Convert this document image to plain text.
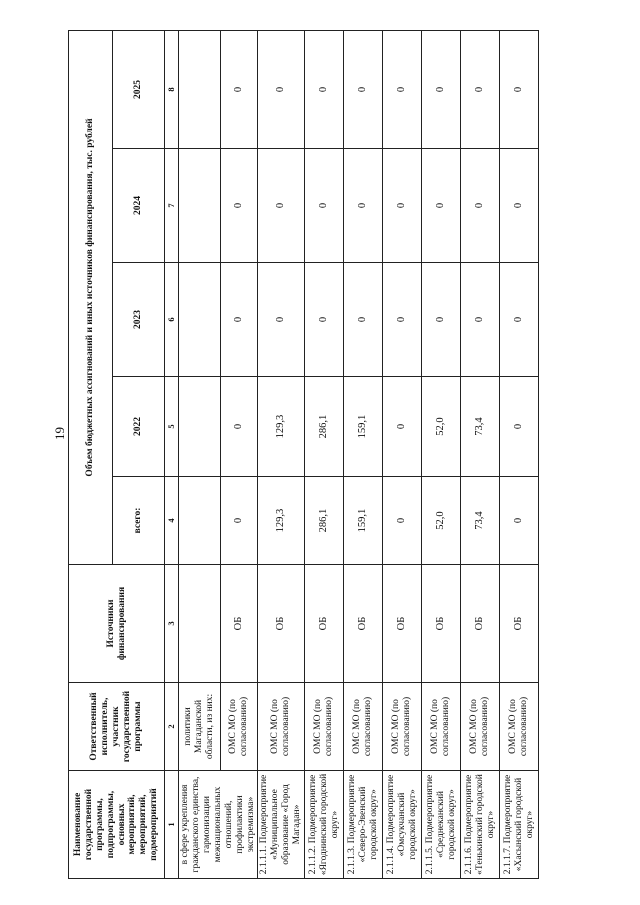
19
Наименование государственной программы, подпрограммы, основных мероприятий, мероприятий, подмероприятий	Ответственный исполнитель, участник государственной программы	Источники финансирования	Объем бюджетных ассигнований и иных источников финансирования, тыс. рублей				
			всего:	2022	2023	2024	2025
1	2	3	4	5	6	7	8
в сфере укрепления гражданского единства, гармонизации межнациональных отношений, профилактики экстремизма»	политики Магаданской области, из них:						
	ОМС МО (по согласованию)	ОБ	0	0	0	0	0
2.1.1.1. Подмероприятие «Муниципальное образование «Город Магадан»	ОМС МО (по согласованию)	ОБ	129,3	129,3	0	0	0
2.1.1.2. Подмероприятие «Ягоднинский городской округ»	ОМС МО (по согласованию)	ОБ	286,1	286,1	0	0	0
2.1.1.3. Подмероприятие «Северо-Эвенский городской округ»	ОМС МО (по согласованию)	ОБ	159,1	159,1	0	0	0
2.1.1.4. Подмероприятие «Омсукчанский городской округ»	ОМС МО (по согласованию)	ОБ	0	0	0	0	0
2.1.1.5. Подмероприятие «Среднеканский городской округ»	ОМС МО (по согласованию)	ОБ	52,0	52,0	0	0	0
2.1.1.6. Подмероприятие «Тенькинский городской округ»	ОМС МО (по согласованию)	ОБ	73,4	73,4	0	0	0
2.1.1.7. Подмероприятие «Хасынский городской округ»	ОМС МО (по согласованию)	ОБ	0	0	0	0	0
